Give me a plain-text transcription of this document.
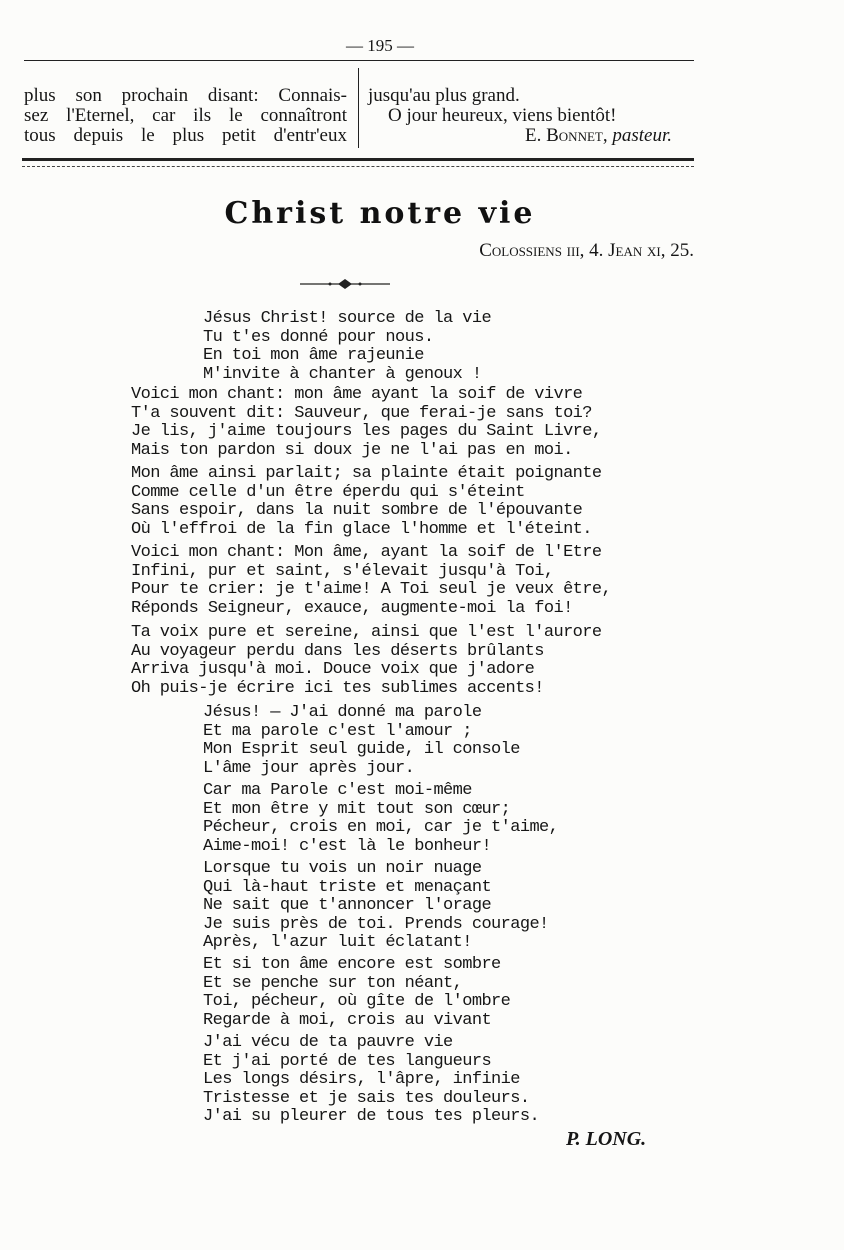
— 195 —
plus son prochain disant: Connais-
sez l'Eternel, car ils le connaîtront
tous depuis le plus petit d'entr'eux
jusqu'au plus grand.
O jour heureux, viens bientôt!
E. Bonnet, pasteur.
Christ notre vie
Colossiens iii, 4. Jean xi, 25.
Jésus Christ! source de la vie
Tu t'es donné pour nous.
En toi mon âme rajeunie
M'invite à chanter à genoux !
Voici mon chant: mon âme ayant la soif de vivre
T'a souvent dit: Sauveur, que ferai-je sans toi?
Je lis, j'aime toujours les pages du Saint Livre,
Mais ton pardon si doux je ne l'ai pas en moi.
Mon âme ainsi parlait; sa plainte était poignante
Comme celle d'un être éperdu qui s'éteint
Sans espoir, dans la nuit sombre de l'épouvante
Où l'effroi de la fin glace l'homme et l'éteint.
Voici mon chant: Mon âme, ayant la soif de l'Etre
Infini, pur et saint, s'élevait jusqu'à Toi,
Pour te crier: je t'aime! A Toi seul je veux être,
Réponds Seigneur, exauce, augmente-moi la foi!
Ta voix pure et sereine, ainsi que l'est l'aurore
Au voyageur perdu dans les déserts brûlants
Arriva jusqu'à moi. Douce voix que j'adore
Oh puis-je écrire ici tes sublimes accents!
Jésus! — J'ai donné ma parole
Et ma parole c'est l'amour ;
Mon Esprit seul guide, il console
L'âme jour après jour.
Car ma Parole c'est moi-même
Et mon être y mit tout son cœur;
Pécheur, crois en moi, car je t'aime,
Aime-moi! c'est là le bonheur!
Lorsque tu vois un noir nuage
Qui là-haut triste et menaçant
Ne sait que t'annoncer l'orage
Je suis près de toi. Prends courage!
Après, l'azur luit éclatant!
Et si ton âme encore est sombre
Et se penche sur ton néant,
Toi, pécheur, où gîte de l'ombre
Regarde à moi, crois au vivant
J'ai vécu de ta pauvre vie
Et j'ai porté de tes langueurs
Les longs désirs, l'âpre, infinie
Tristesse et je sais tes douleurs.
J'ai su pleurer de tous tes pleurs.
P. LONG.
